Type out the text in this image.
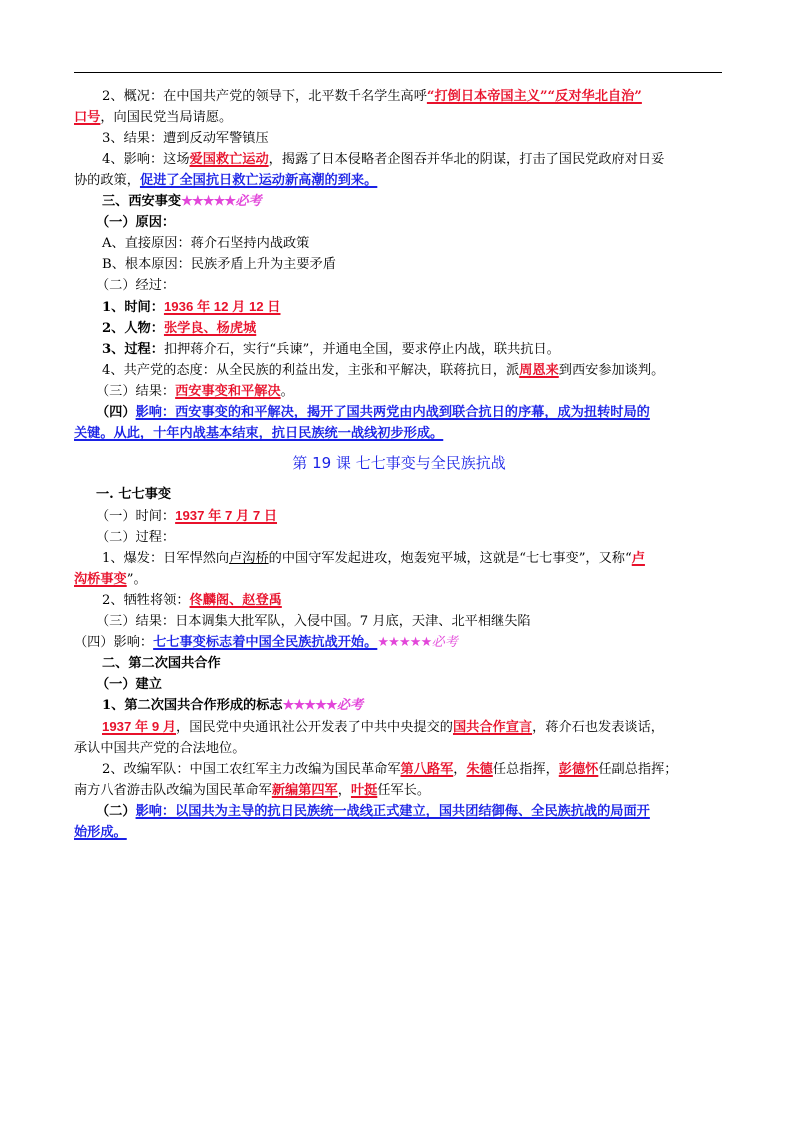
2、概况：在中国共产党的领导下，北平数千名学生高呼“打倒日本帝国主义”“反对华北自治”

口号，向国民党当局请愿。

3、结果：遭到反动军警镇压

4、影响：这场爱国救亡运动，揭露了日本侵略者企图吞并华北的阴谋，打击了国民党政府对日妥

协的政策，促进了全国抗日救亡运动新高潮的到来。

三、西安事变★★★★★必考

（一）原因：

A、直接原因：蒋介石坚持内战政策

B、根本原因：民族矛盾上升为主要矛盾

（二）经过：

1、时间：1936 年 12 月 12 日

2、人物：张学良、杨虎城

3、过程：扣押蒋介石，实行“兵谏”，并通电全国，要求停止内战，联共抗日。

4、共产党的态度：从全民族的利益出发，主张和平解决，联蒋抗日，派周恩来到西安参加谈判。

（三）结果：西安事变和平解决。

（四）影响：西安事变的和平解决，揭开了国共两党由内战到联合抗日的序幕，成为扭转时局的

关键。从此，十年内战基本结束，抗日民族统一战线初步形成。

第 19 课 七七事变与全民族抗战

一. 七七事变

（一）时间：1937 年 7 月 7 日

（二）过程：

1、爆发：日军悍然向卢沟桥的中国守军发起进攻，炮轰宛平城，这就是“七七事变”，又称“卢

沟桥事变”。

2、牺牲将领：佟麟阁、赵登禹

（三）结果：日本调集大批军队，入侵中国。7 月底，天津、北平相继失陷

（四）影响：七七事变标志着中国全民族抗战开始。★★★★★必考

二、第二次国共合作

（一）建立

1、第二次国共合作形成的标志★★★★★必考

1937 年 9 月，国民党中央通讯社公开发表了中共中央提交的国共合作宣言，蒋介石也发表谈话，

承认中国共产党的合法地位。

2、改编军队：中国工农红军主力改编为国民革命军第八路军，朱德任总指挥，彭德怀任副总指挥；

南方八省游击队改编为国民革命军新编第四军，叶挺任军长。

（二）影响：以国共为主导的抗日民族统一战线正式建立，国共团结御侮、全民族抗战的局面开

始形成。
